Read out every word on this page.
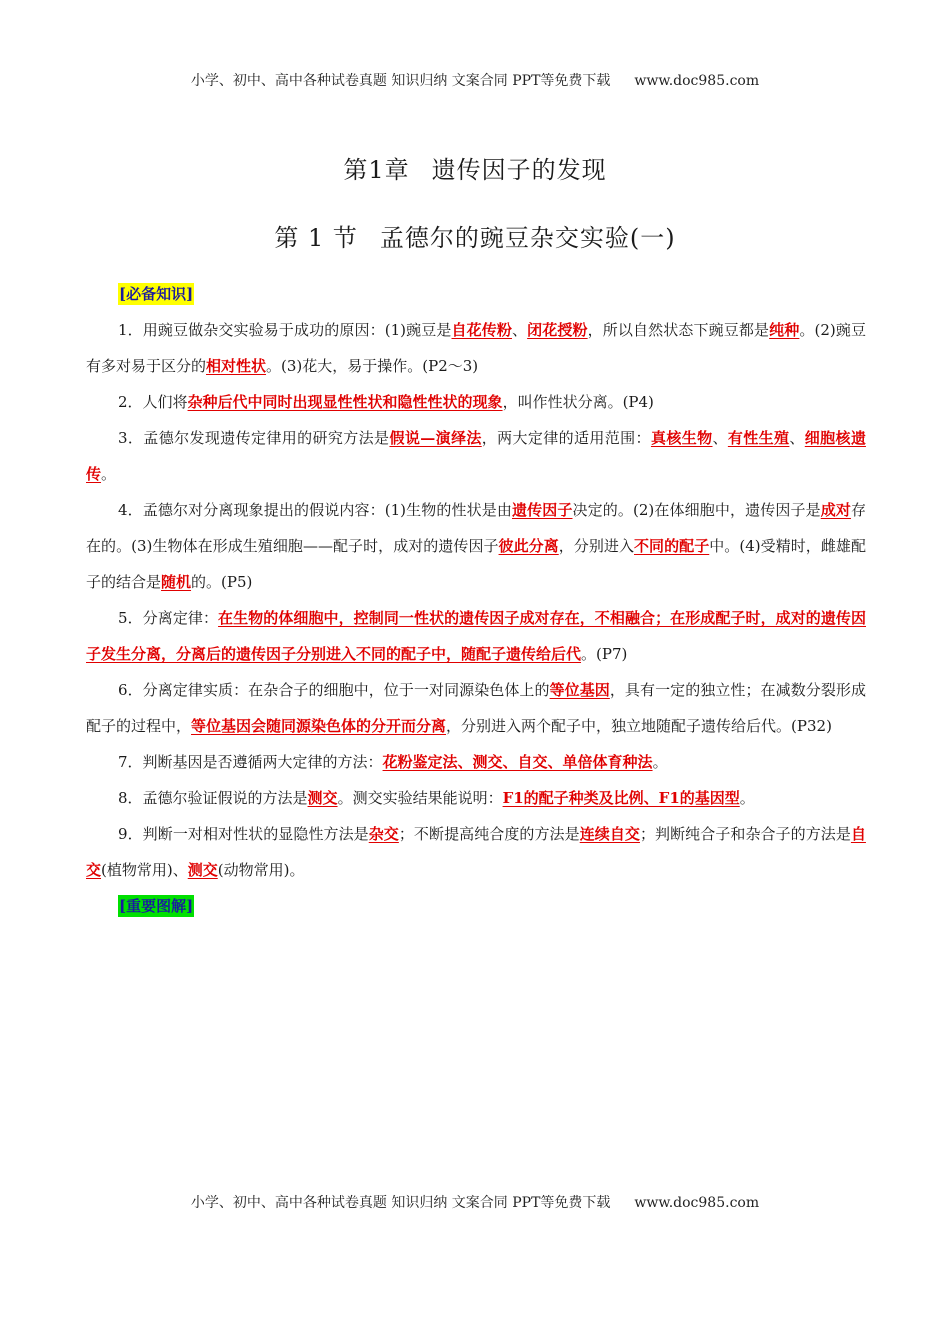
小学、初中、高中各种试卷真题 知识归纳 文案合同 PPT等免费下载 www.doc985.com
第1章 遗传因子的发现
第 1 节 孟德尔的豌豆杂交实验(一)
[必备知识]

1．用豌豆做杂交实验易于成功的原因：(1)豌豆是自花传粉、闭花授粉，所以自然状态下豌豆都是纯种。(2)豌豆有多对易于区分的相对性状。(3)花大，易于操作。(P2～3)

2．人们将杂种后代中同时出现显性性状和隐性性状的现象，叫作性状分离。(P4)

3．孟德尔发现遗传定律用的研究方法是假说—演绎法，两大定律的适用范围：真核生物、有性生殖、细胞核遗传。

4．孟德尔对分离现象提出的假说内容：(1)生物的性状是由遗传因子决定的。(2)在体细胞中，遗传因子是成对存在的。(3)生物体在形成生殖细胞——配子时，成对的遗传因子彼此分离，分别进入不同的配子中。(4)受精时，雌雄配子的结合是随机的。(P5)

5．分离定律：在生物的体细胞中，控制同一性状的遗传因子成对存在，不相融合；在形成配子时，成对的遗传因子发生分离，分离后的遗传因子分别进入不同的配子中，随配子遗传给后代。(P7)

6．分离定律实质：在杂合子的细胞中，位于一对同源染色体上的等位基因，具有一定的独立性；在减数分裂形成配子的过程中，等位基因会随同源染色体的分开而分离，分别进入两个配子中，独立地随配子遗传给后代。(P32)

7．判断基因是否遵循两大定律的方法：花粉鉴定法、测交、自交、单倍体育种法。

8．孟德尔验证假说的方法是测交。测交实验结果能说明：F1的配子种类及比例、F1的基因型。

9．判断一对相对性状的显隐性方法是杂交；不断提高纯合度的方法是连续自交；判断纯合子和杂合子的方法是自交(植物常用)、测交(动物常用)。

[重要图解]
小学、初中、高中各种试卷真题 知识归纳 文案合同 PPT等免费下载 www.doc985.com
